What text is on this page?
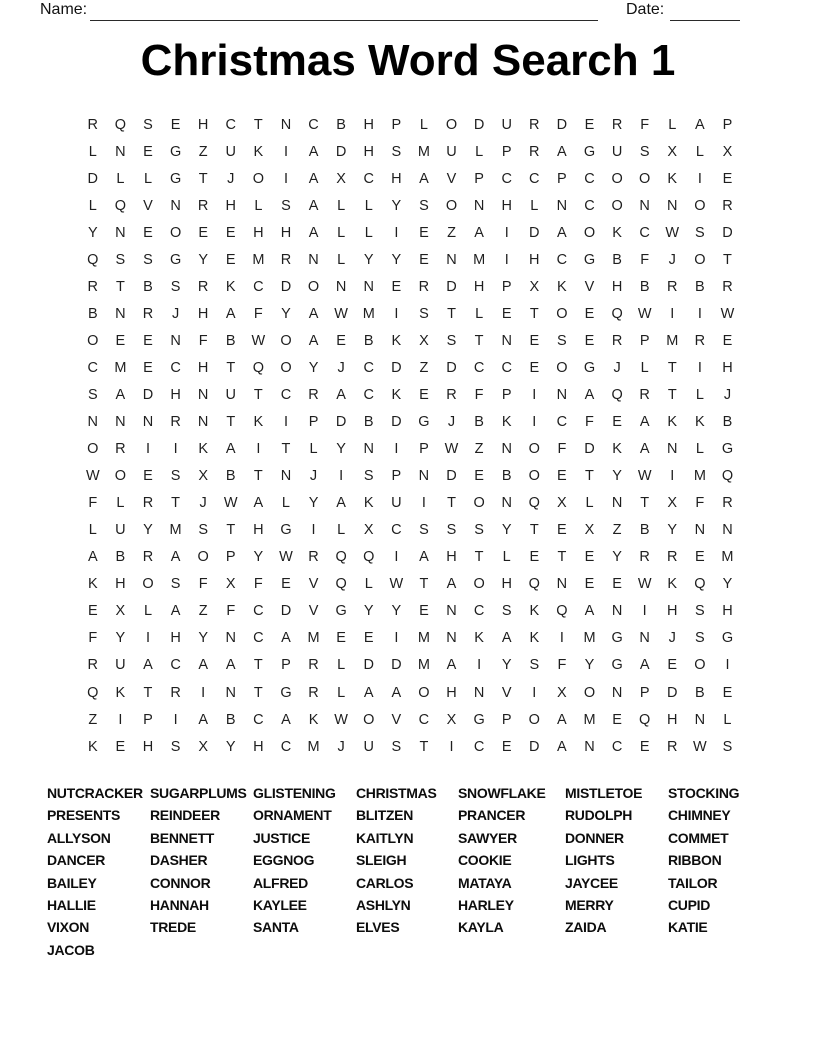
Name:	Date:
Christmas Word Search 1
R	Q	S	E	H	C	T	N	C	B	H	P	L	O	D	U	R	D	E	R	F	L	A	P
L	N	E	G	Z	U	K	I	A	D	H	S	M	U	L	P	R	A	G	U	S	X	L	X
D	L	L	G	T	J	O	I	A	X	C	H	A	V	P	C	C	P	C	O	O	K	I	E
L	Q	V	N	R	H	L	S	A	L	L	Y	S	O	N	H	L	N	C	O	N	N	O	R
Y	N	E	O	E	E	H	H	A	L	L	I	E	Z	A	I	D	A	O	K	C	W	S	D
Q	S	S	G	Y	E	M	R	N	L	Y	Y	E	N	M	I	H	C	G	B	F	J	O	T
R	T	B	S	R	K	C	D	O	N	N	E	R	D	H	P	X	K	V	H	B	R	B	R
B	N	R	J	H	A	F	Y	A	W	M	I	S	T	L	E	T	O	E	Q	W	I	I	W
O	E	E	N	F	B	W	O	A	E	B	K	X	S	T	N	E	S	E	R	P	M	R	E
C	M	E	C	H	T	Q	O	Y	J	C	D	Z	D	C	C	E	O	G	J	L	T	I	H
S	A	D	H	N	U	T	C	R	A	C	K	E	R	F	P	I	N	A	Q	R	T	L	J
N	N	N	R	N	T	K	I	P	D	B	D	G	J	B	K	I	C	F	E	A	K	K	B
O	R	I	I	K	A	I	T	L	Y	N	I	P	W	Z	N	O	F	D	K	A	N	L	G
W	O	E	S	X	B	T	N	J	I	S	P	N	D	E	B	O	E	T	Y	W	I	M	Q
F	L	R	T	J	W	A	L	Y	A	K	U	I	T	O	N	Q	X	L	N	T	X	F	R
L	U	Y	M	S	T	H	G	I	L	X	C	S	S	S	Y	T	E	X	Z	B	Y	N	N
A	B	R	A	O	P	Y	W	R	Q	Q	I	A	H	T	L	E	T	E	Y	R	R	E	M
K	H	O	S	F	X	F	E	V	Q	L	W	T	A	O	H	Q	N	E	E	W	K	Q	Y
E	X	L	A	Z	F	C	D	V	G	Y	Y	E	N	C	S	K	Q	A	N	I	H	S	H
F	Y	I	H	Y	N	C	A	M	E	E	I	M	N	K	A	K	I	M	G	N	J	S	G
R	U	A	C	A	A	T	P	R	L	D	D	M	A	I	Y	S	F	Y	G	A	E	O	I
Q	K	T	R	I	N	T	G	R	L	A	A	O	H	N	V	I	X	O	N	P	D	B	E
Z	I	P	I	A	B	C	A	K	W	O	V	C	X	G	P	O	A	M	E	Q	H	N	L
K	E	H	S	X	Y	H	C	M	J	U	S	T	I	C	E	D	A	N	C	E	R	W	S
NUTCRACKER
PRESENTS
ALLYSON
DANCER
BAILEY
HALLIE
VIXON
JACOB
SUGARPLUMS
REINDEER
BENNETT
DASHER
CONNOR
HANNAH
TREDE
GLISTENING
ORNAMENT
JUSTICE
EGGNOG
ALFRED
KAYLEE
SANTA
CHRISTMAS
BLITZEN
KAITLYN
SLEIGH
CARLOS
ASHLYN
ELVES
SNOWFLAKE
PRANCER
SAWYER
COOKIE
MATAYA
HARLEY
KAYLA
MISTLETOE
RUDOLPH
DONNER
LIGHTS
JAYCEE
MERRY
ZAIDA
STOCKING
CHIMNEY
COMMET
RIBBON
TAILOR
CUPID
KATIE
